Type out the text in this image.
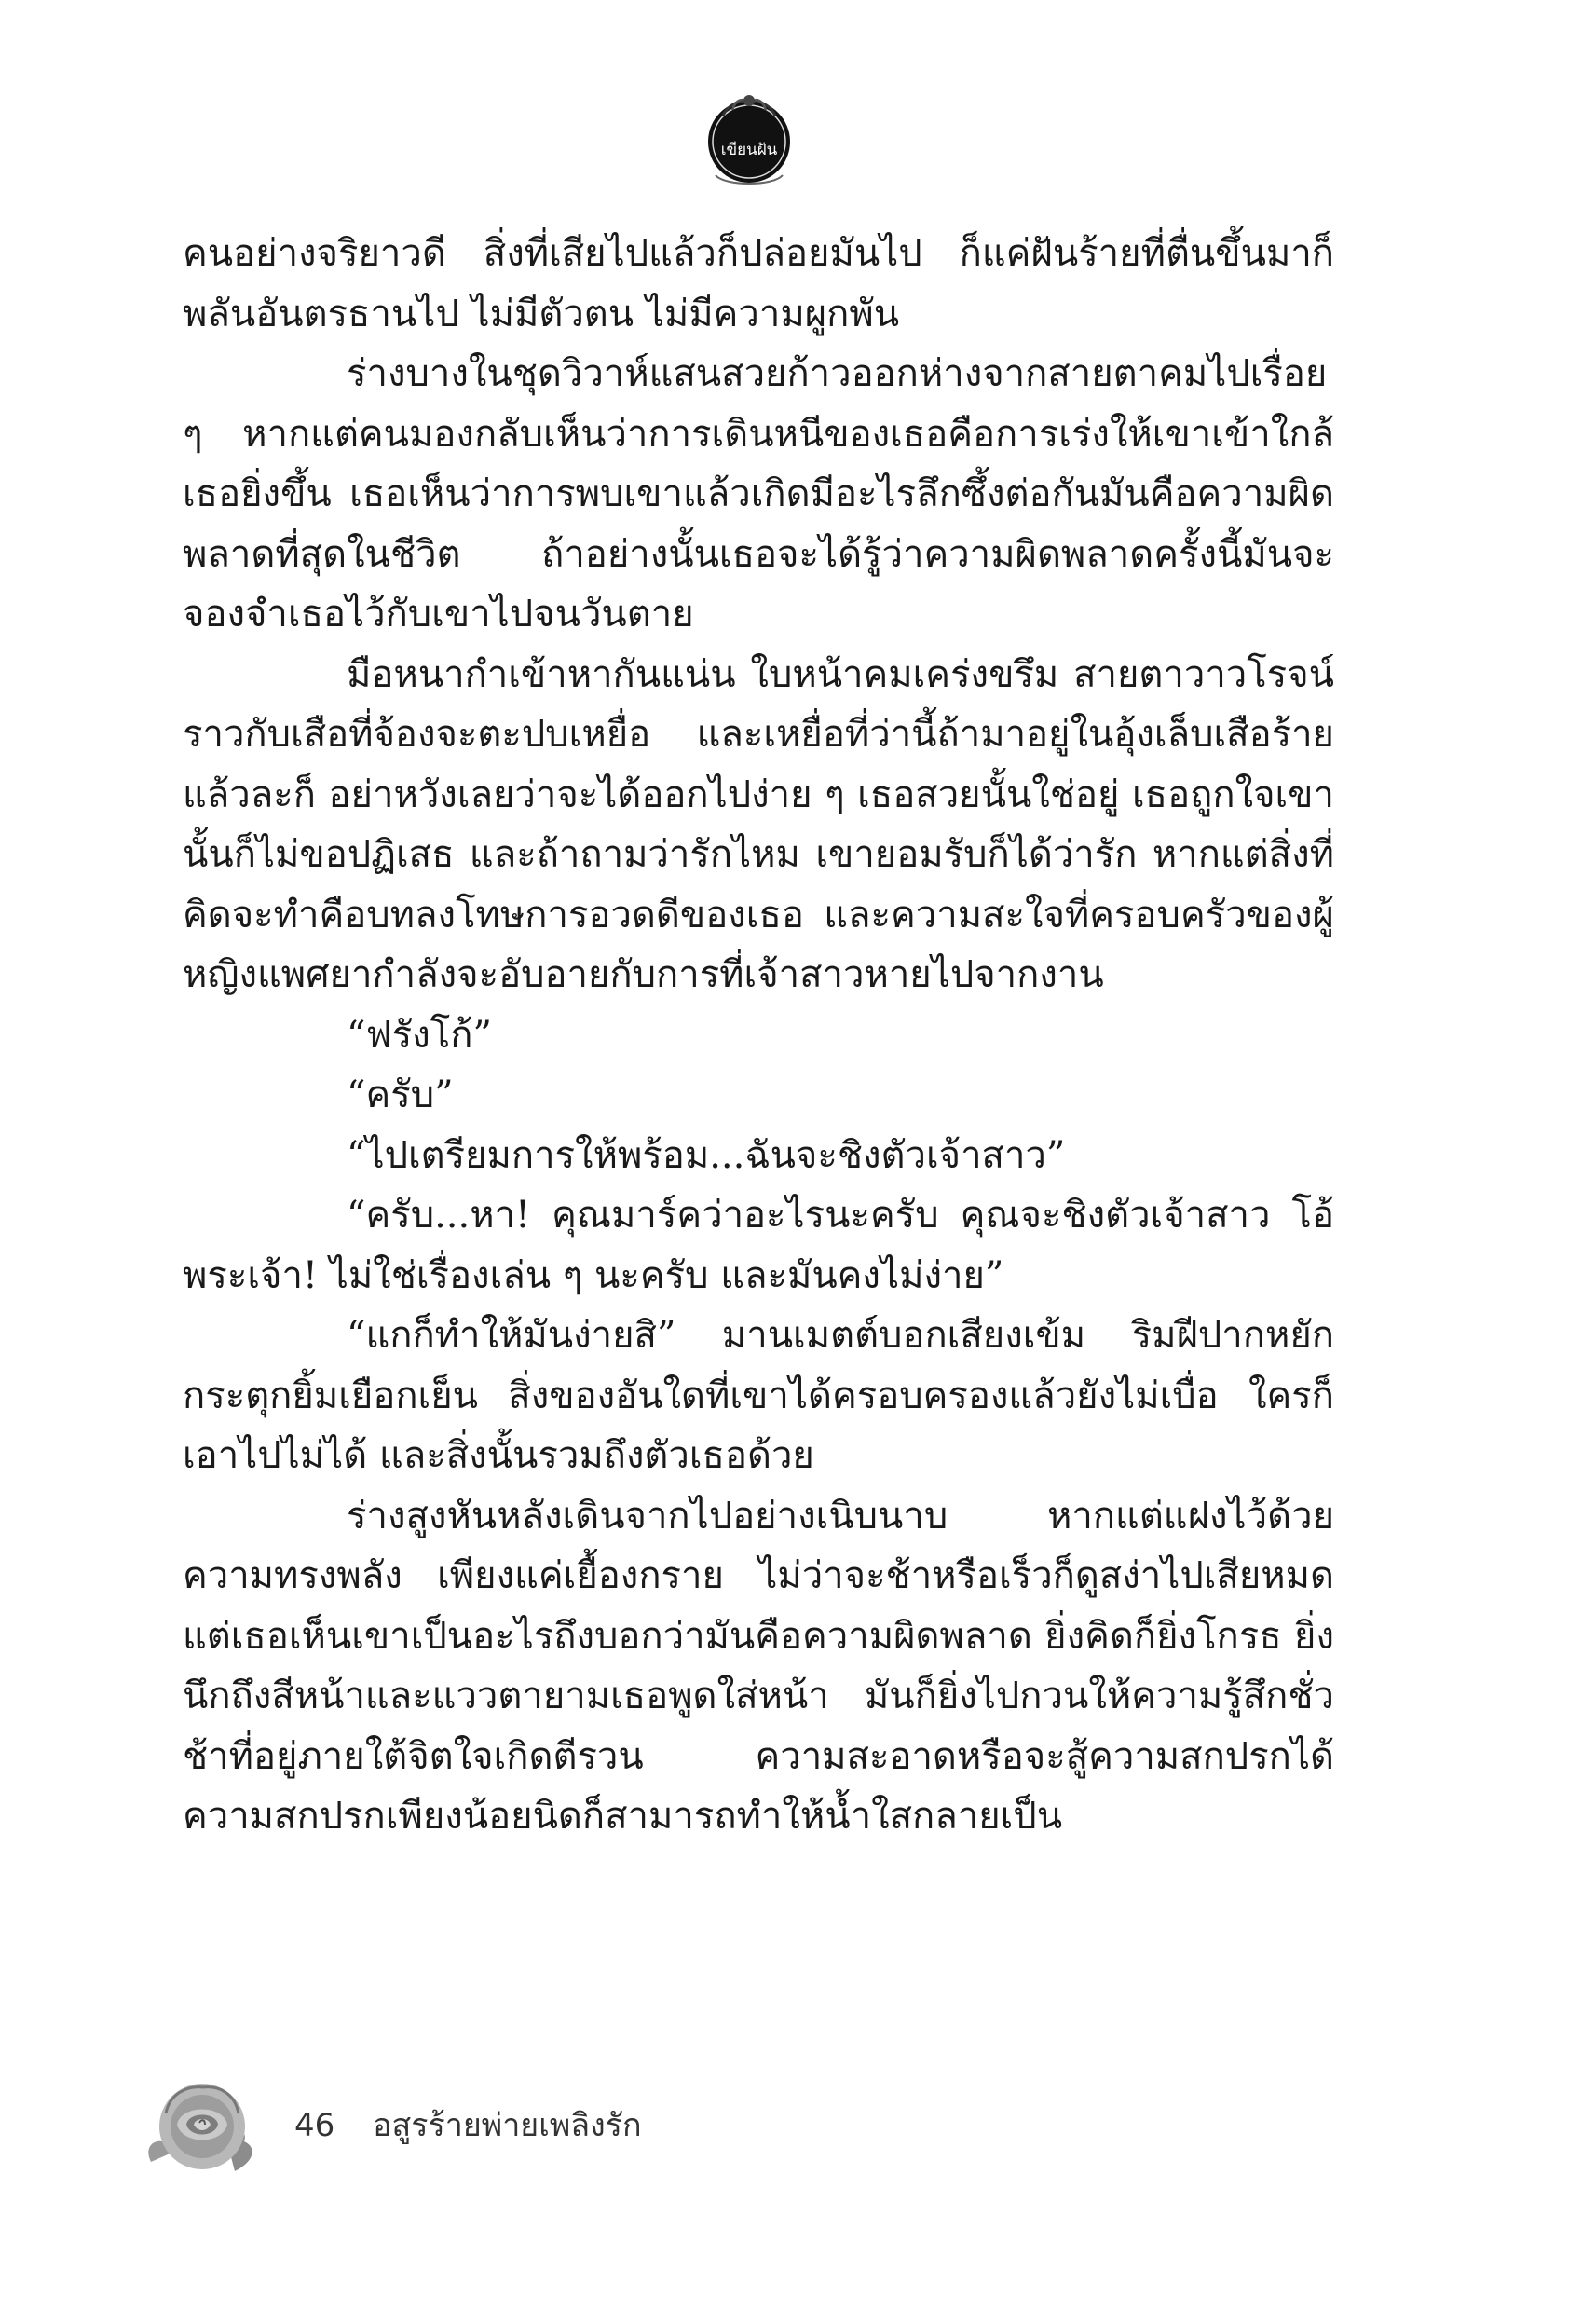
เขียนฝัน

คนอย่างจริยาวดี สิ่งที่เสียไปแล้วก็ปล่อยมันไป ก็แค่ฝันร้ายที่ตื่นขึ้นมาก็พลันอันตรธานไป ไม่มีตัวตน ไม่มีความผูกพัน

ร่างบางในชุดวิวาห์แสนสวยก้าวออกห่างจากสายตาคมไปเรื่อย ๆ หากแต่คนมองกลับเห็นว่าการเดินหนีของเธอคือการเร่งให้เขาเข้าใกล้เธอยิ่งขึ้น เธอเห็นว่าการพบเขาแล้วเกิดมีอะไรลึกซึ้งต่อกันมันคือความผิดพลาดที่สุดในชีวิต ถ้าอย่างนั้นเธอจะได้รู้ว่าความผิดพลาดครั้งนี้มันจะจองจำเธอไว้กับเขาไปจนวันตาย

มือหนากำเข้าหากันแน่น ใบหน้าคมเคร่งขรึม สายตาวาวโรจน์ราวกับเสือที่จ้องจะตะปบเหยื่อ และเหยื่อที่ว่านี้ถ้ามาอยู่ในอุ้งเล็บเสือร้ายแล้วละก็ อย่าหวังเลยว่าจะได้ออกไปง่าย ๆ เธอสวยนั้นใช่อยู่ เธอถูกใจเขานั้นก็ไม่ขอปฏิเสธ และถ้าถามว่ารักไหม เขายอมรับก็ได้ว่ารัก หากแต่สิ่งที่คิดจะทำคือบทลงโทษการอวดดีของเธอ และความสะใจที่ครอบครัวของผู้หญิงแพศยากำลังจะอับอายกับการที่เจ้าสาวหายไปจากงาน

“ฟรังโก้”

“ครับ”

“ไปเตรียมการให้พร้อม...ฉันจะชิงตัวเจ้าสาว”

“ครับ...หา! คุณมาร์คว่าอะไรนะครับ คุณจะชิงตัวเจ้าสาว โอ้ พระเจ้า! ไม่ใช่เรื่องเล่น ๆ นะครับ และมันคงไม่ง่าย”

“แกก็ทำให้มันง่ายสิ” มานเมตต์บอกเสียงเข้ม ริมฝีปากหยักกระตุกยิ้มเยือกเย็น สิ่งของอันใดที่เขาได้ครอบครองแล้วยังไม่เบื่อ ใครก็เอาไปไม่ได้ และสิ่งนั้นรวมถึงตัวเธอด้วย

ร่างสูงหันหลังเดินจากไปอย่างเนิบนาบ หากแต่แฝงไว้ด้วยความทรงพลัง เพียงแค่เยื้องกราย ไม่ว่าจะช้าหรือเร็วก็ดูสง่าไปเสียหมด แต่เธอเห็นเขาเป็นอะไรถึงบอกว่ามันคือความผิดพลาด ยิ่งคิดก็ยิ่งโกรธ ยิ่งนึกถึงสีหน้าและแววตายามเธอพูดใส่หน้า มันก็ยิ่งไปกวนให้ความรู้สึกชั่วช้าที่อยู่ภายใต้จิตใจเกิดตีรวน ความสะอาดหรือจะสู้ความสกปรกได้ ความสกปรกเพียงน้อยนิดก็สามารถทำให้น้ำใสกลายเป็น

46 อสูรร้ายพ่ายเพลิงรัก
